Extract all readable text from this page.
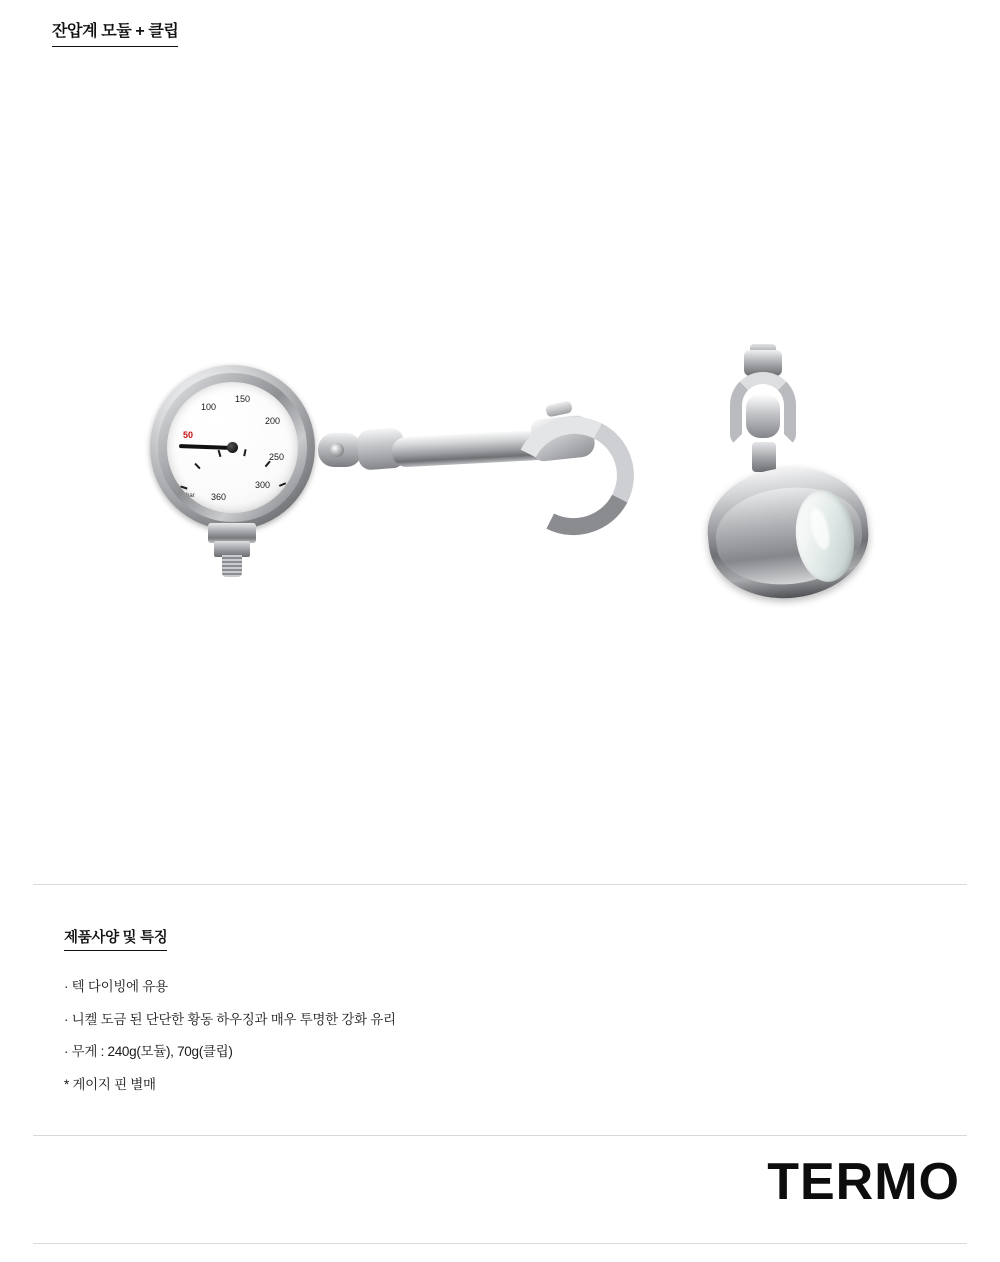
잔압계 모듈 + 클립
50
100
150
200
250
300
360
bar
제품사양 및 특징
· 텍 다이빙에 유용
· 니켈 도금 된 단단한 황동 하우징과 매우 투명한 강화 유리
· 무게 : 240g(모듈), 70g(클립)
* 게이지 핀 별매
TERMO
